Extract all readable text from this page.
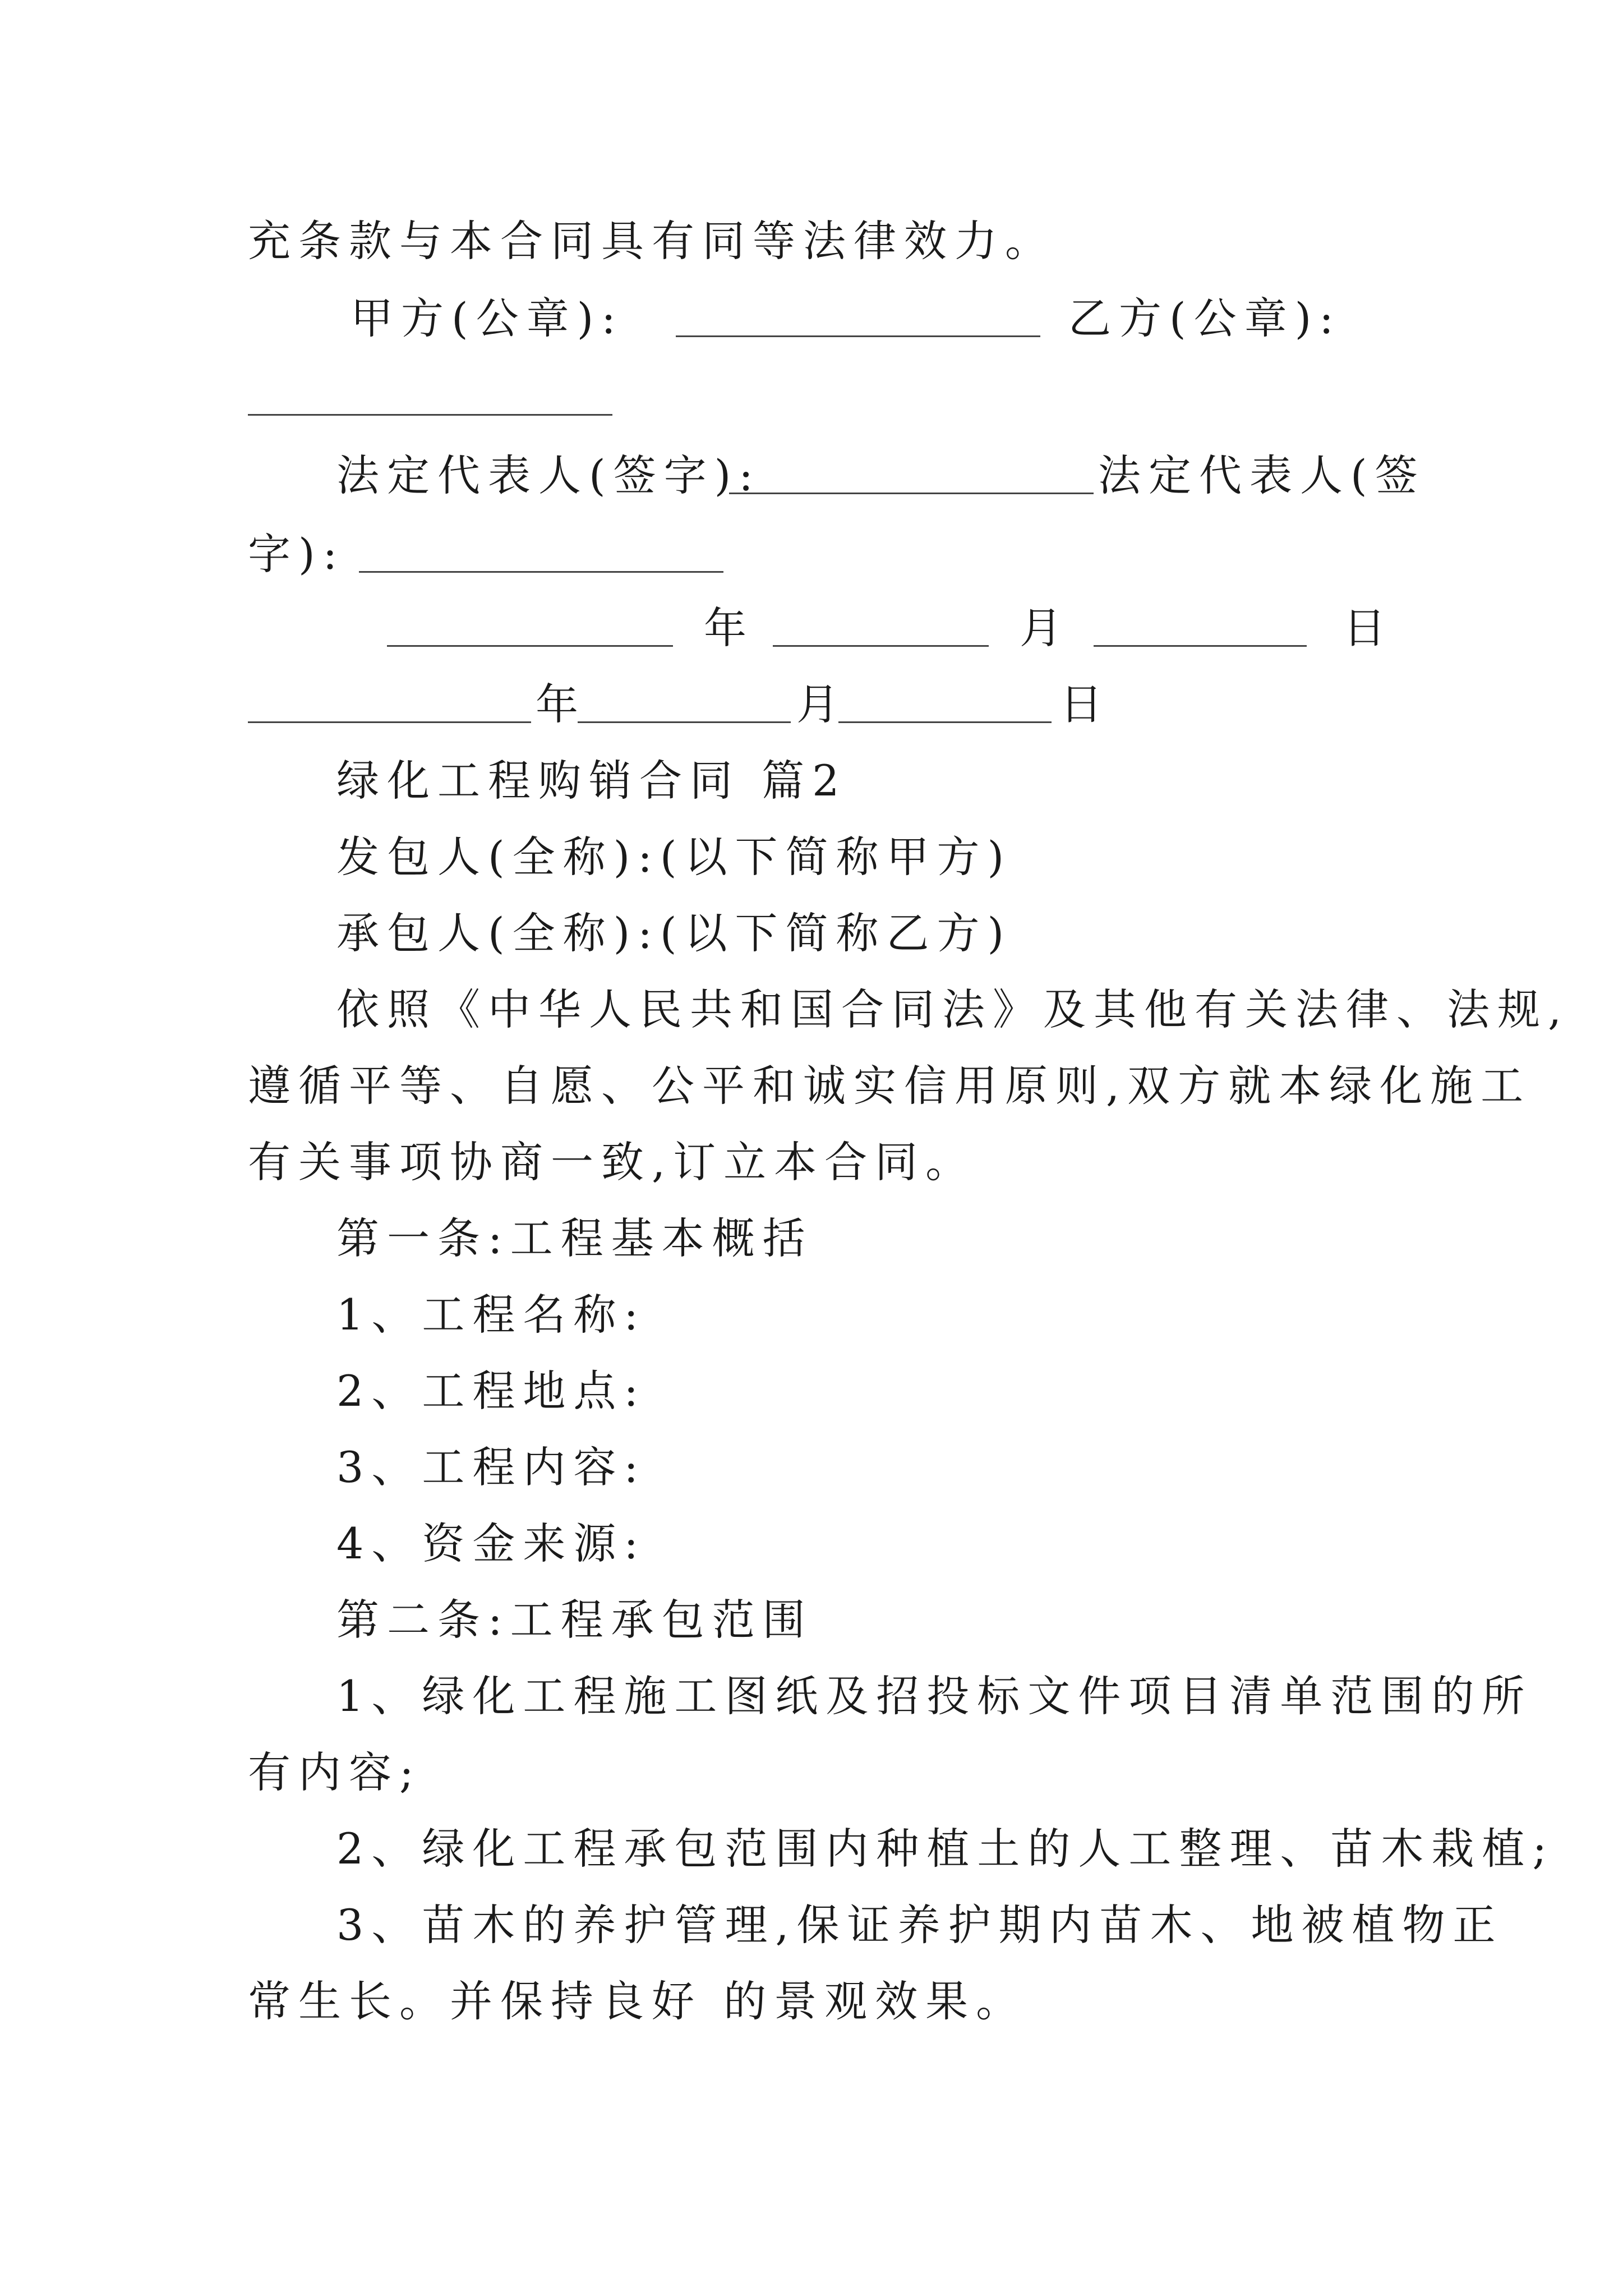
充条款与本合同具有同等法律效力。
甲方(公章):	乙方(公章):
法定代表人(签字):	法定代表人(签
字):
年	月	日
年	月	日
绿化工程购销合同 篇2
发包人(全称):(以下简称甲方)
承包人(全称):(以下简称乙方)
依照《中华人民共和国合同法》及其他有关法律、法规,
遵循平等、自愿、公平和诚实信用原则,双方就本绿化施工
有关事项协商一致,订立本合同。
第一条:工程基本概括
1、工程名称:
2、工程地点:
3、工程内容:
4、资金来源:
第二条:工程承包范围
1、绿化工程施工图纸及招投标文件项目清单范围的所
有内容;
2、绿化工程承包范围内种植土的人工整理、苗木栽植;
3、苗木的养护管理,保证养护期内苗木、地被植物正
常生长。并保持良好 的景观效果。
